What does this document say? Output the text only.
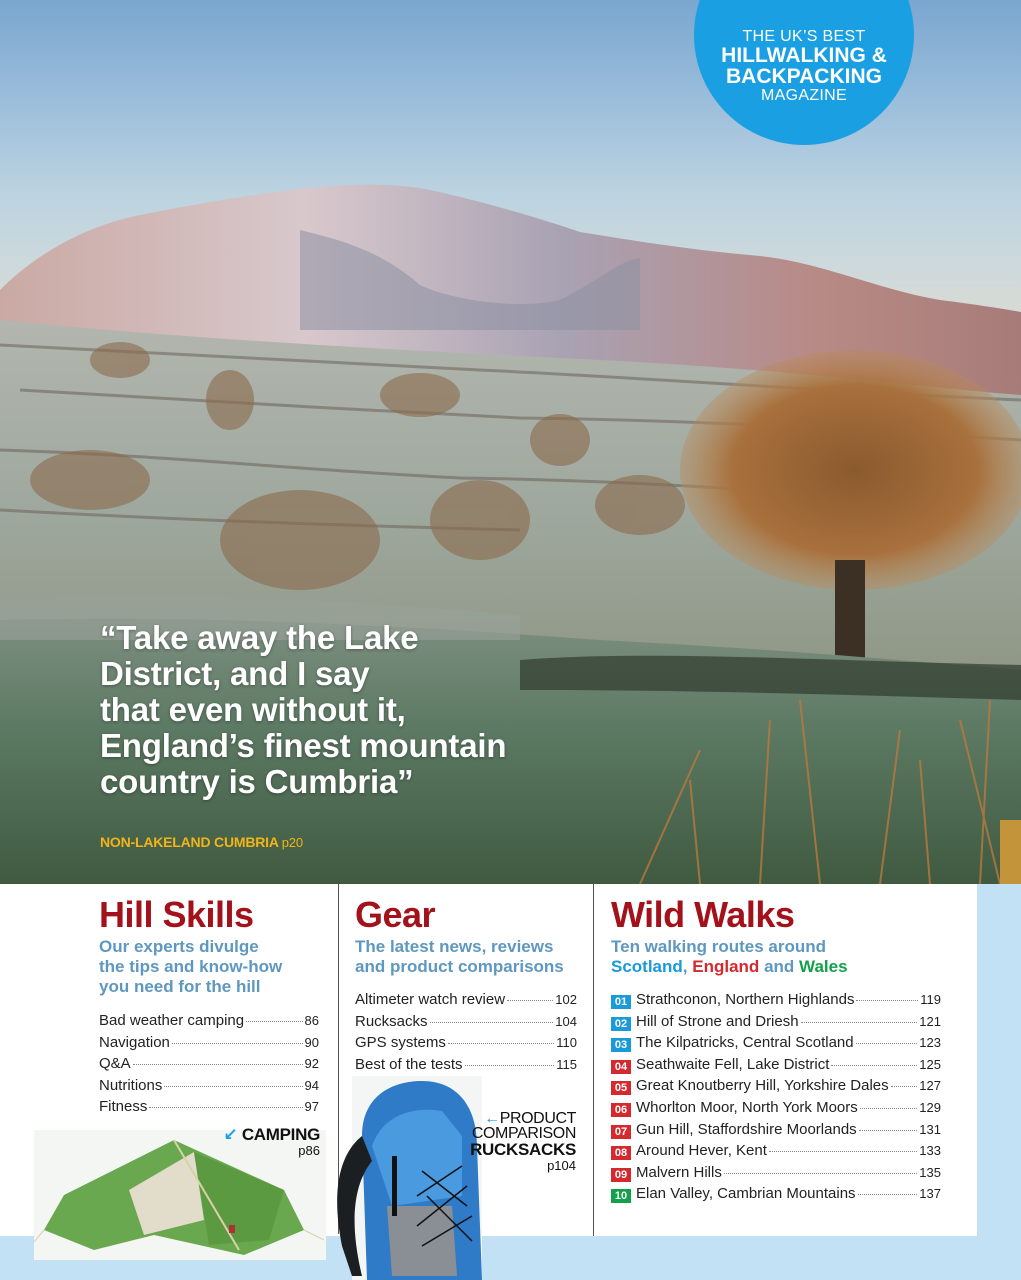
THE UK’S BEST
HILLWALKING &
BACKPACKING
MAGAZINE
“Take away the Lake
District, and I say
that even without it,
England’s finest mountain
country is Cumbria”
NON-LAKELAND CUMBRIA p20
Hill Skills
Our experts divulge
the tips and know-how
you need for the hill
Bad weather camping	86
Navigation	90
Q&A	92
Nutritions	94
Fitness	97
↙ CAMPING
p86
Gear
The latest news, reviews
and product comparisons
Altimeter watch review	102
Rucksacks	104
GPS systems	110
Best of the tests	115
←PRODUCT
COMPARISON
RUCKSACKS
p104
Wild Walks
Ten walking routes around
Scotland, England and Wales
01 Strathconon, Northern Highlands	119
02 Hill of Strone and Driesh	121
03 The Kilpatricks, Central Scotland	123
04 Seathwaite Fell, Lake District	125
05 Great Knoutberry Hill, Yorkshire Dales 127
06 Whorlton Moor, North York Moors	129
07 Gun Hill, Staffordshire Moorlands	131
08 Around Hever, Kent	133
09 Malvern Hills	135
10 Elan Valley, Cambrian Mountains	137
